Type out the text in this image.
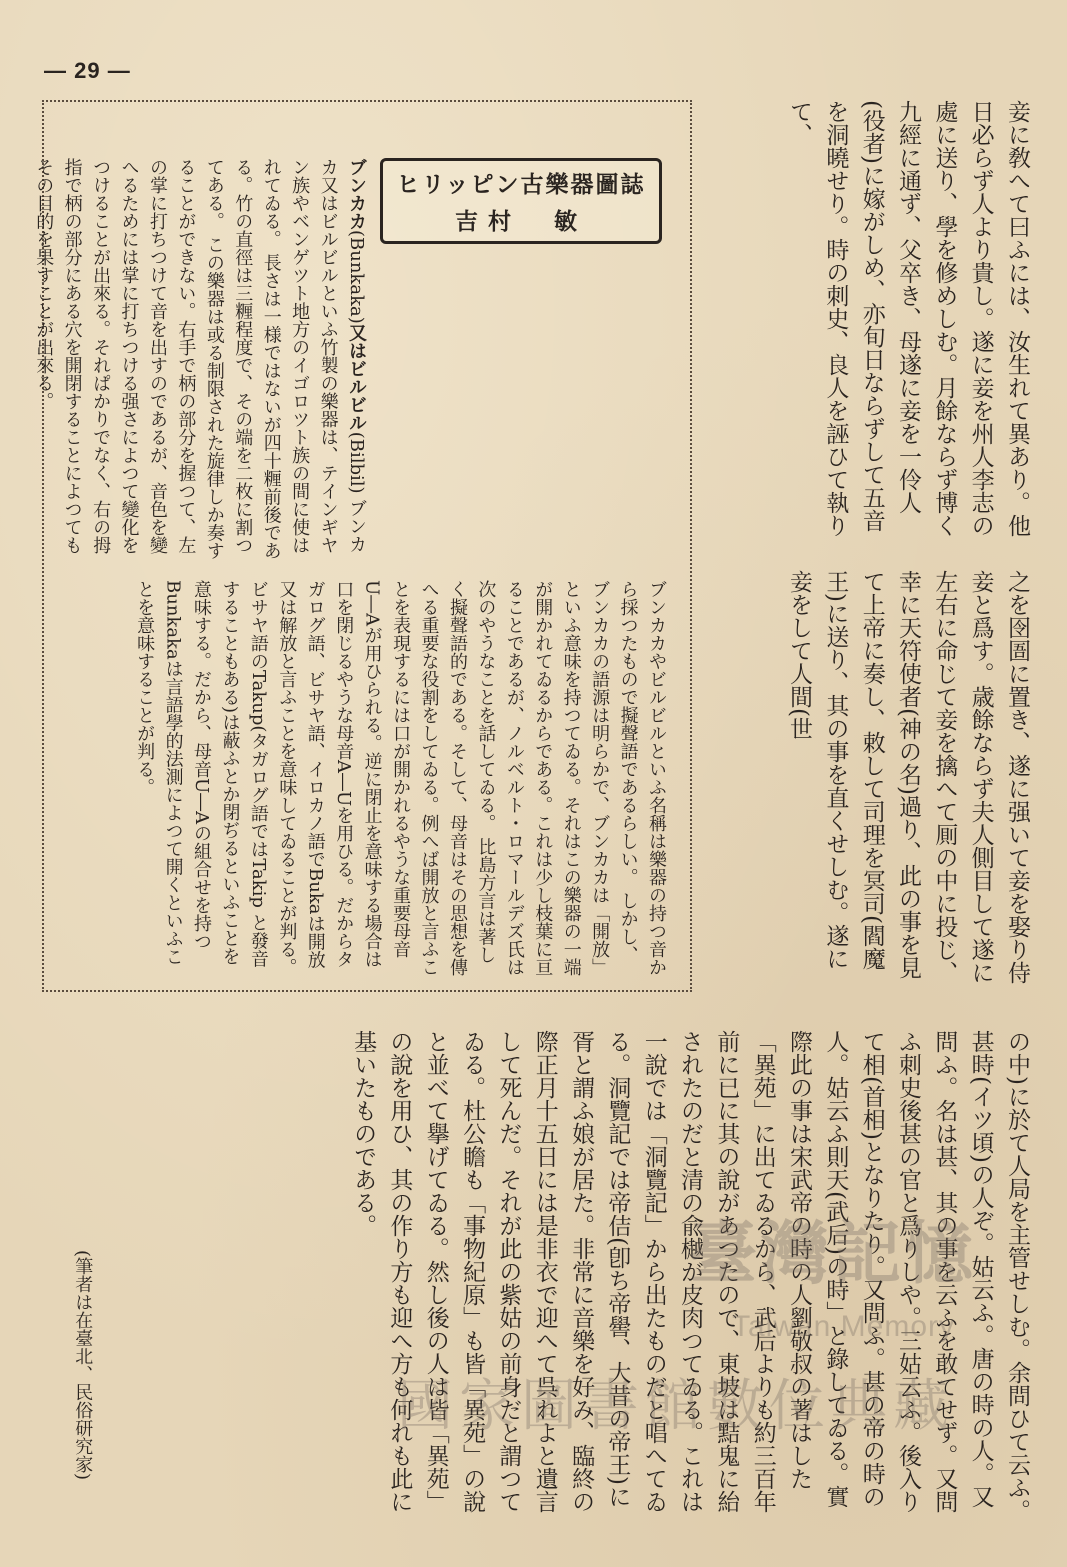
— 29 —
妾に敎へて曰ふには、汝生れて異あり。他日必らず人より貴し。遂に妾を州人李志の處に送り、學を修めしむ。月餘ならず博く九經に通ず、父卒き、母遂に妾を一伶人(役者)に嫁がしめ、亦旬日ならずして五音を洞曉せり。時の刺史、良人を誣ひて執りて、
之を囹圄に置き、遂に强いて妾を娶り侍妾と爲す。歳餘ならず夫人側目して遂に左右に命じて妾を擒へて厠の中に投じ、幸に天符使者(神の名)過り、此の事を見て上帝に奏し、敕して司理を冥司(閻魔王)に送り、其の事を直くせしむ。遂に妾をして人間(世
ヒリッピン古樂器圖誌
吉村　敏
ブンカカ(Bunkaka)又はビルビル(Bilbil) ブンカカ又はビルビルといふ竹製の樂器は、テインギヤン族やベンゲツト地方のイゴロツト族の間に使はれてゐる。 長さは一様ではないが四十糎前後である。竹の直徑は三糎程度で、その端を二枚に割つてある。 この樂器は或る制限された旋律しか奏することができない。右手で柄の部分を握つて、左の掌に打ちつけて音を出すのであるが、音色を變へるためには掌に打ちつける强さによつて變化をつけることが出來る。それぱかりでなく、右の拇指で柄の部分にある穴を開閉することによつてもその目的を果すことが出來る。
ブンカカやビルビルといふ名稱は樂器の持つ音から採つたもので擬聲語であるらしい。 しかし、ブンカカの語源は明らかで、ブンカカは「開放」といふ意味を持つてゐる。それはこの樂器の一端が開かれてゐるからである。これは少し枝葉に亘ることであるが、ノルベルト・ロマールデズ氏は次のやうなことを話してゐる。 比島方言は著しく擬聲語的である。そして、母音はその思想を傳へる重要な役割をしてゐる。例へば開放と言ふことを表現するには口が開かれるやうな重要母音U―Aが用ひられる。逆に閉止を意味する場合は口を閉じるやうな母音A―Uを用ひる。だからタガログ語、ビサヤ語、イロカノ語でBukaは開放又は解放と言ふことを意味してゐることが判る。 ビサヤ語のTakup(タガログ語ではTakip と發音することもある)は蔽ふとか閉ぢるといふことを意味する。だから、母音U―Aの組合せを持つBunkakaは言語學的法測によつて開くといふことを意味することが判る。
の中)に於て人局を主管せしむ。余問ひて云ふ。甚時(イツ頃)の人ぞ。姑云ふ。唐の時の人。又問ふ。名は甚、其の事を云ふを敢てせず。又問ふ刺史後甚の官と爲りしや。三姑云ふ。後入りて相(首相)となりたり。又問ふ。甚の帝の時の人。姑云ふ則天(武后)の時」と錄してゐる。實際此の事は宋武帝の時の人劉敬叔の著はした「異苑」に出てゐるから、武后よりも約三百年前に已に其の說があつたので、東坡は黠鬼に紿されたのだと清の兪樾が皮肉つてゐる。これは一說では「洞覽記」から出たものだと唱へてゐる。洞覽記では帝佶(卽ち帝嚳、大昔の帝王)に胥と謂ふ娘が居た。非常に音樂を好み、臨終の際正月十五日には是非衣で迎へて呉れよと遺言して死んだ。それが此の紫姑の前身だと謂つてゐる。杜公瞻も「事物紀原」も皆「異苑」の說と並べて擧げてゐる。然し後の人は皆「異苑」の說を用ひ、其の作り方も迎へ方も何れも此に基いたものである。
(筆者は在臺北、民俗研究家)	臺灣記憶
Taiwan Memory
國家圖書館數位典藏
